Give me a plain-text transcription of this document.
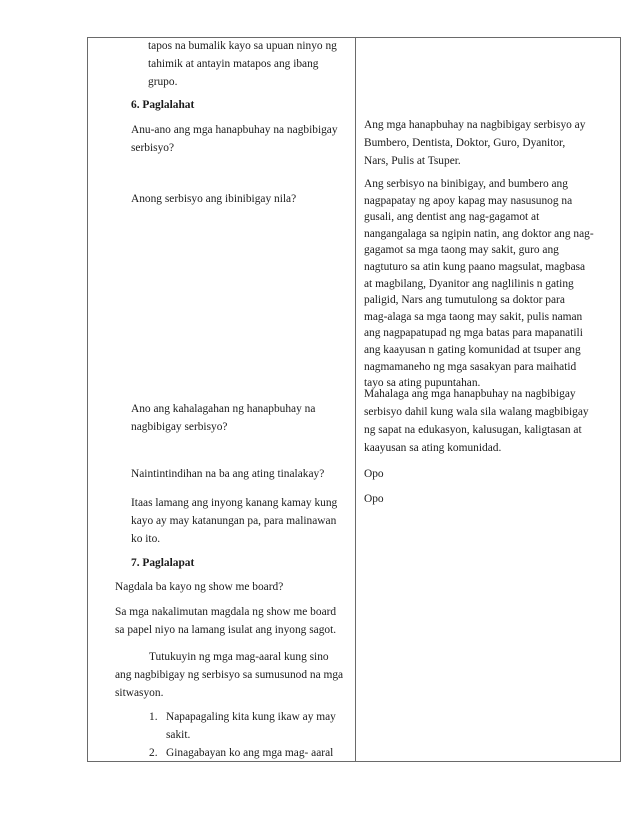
tapos na bumalik kayo sa upuan ninyo ng
tahimik at antayin matapos ang ibang
grupo.
6. Paglalahat
Anu-ano ang mga hanapbuhay na nagbibigay
serbisyo?
Anong serbisyo ang ibinibigay nila?
Ano ang kahalagahan ng hanapbuhay na
nagbibigay serbisyo?
Naintintindihan na ba ang ating tinalakay?
Itaas lamang ang inyong kanang kamay kung
kayo ay may katanungan pa, para malinawan
ko ito.
7. Paglalapat
Nagdala ba kayo ng show me board?
Sa mga nakalimutan magdala ng show me board
sa papel niyo na lamang isulat ang inyong sagot.
Tutukuyin ng mga mag-aaral kung sino
ang nagbibigay ng serbisyo sa sumusunod na mga
sitwasyon.
1. Napapagaling kita kung ikaw ay may
sakit.
2. Ginagabayan ko ang mga mag- aaral
Ang mga hanapbuhay na nagbibigay serbisyo ay
Bumbero, Dentista, Doktor, Guro, Dyanitor,
Nars, Pulis at Tsuper.
Ang serbisyo na binibigay, and bumbero ang
nagpapatay ng apoy kapag may nasusunog na
gusali, ang dentist ang nag-gagamot at
nangangalaga sa ngipin natin, ang doktor ang nag-
gagamot sa mga taong may sakit, guro ang
nagtuturo sa atin kung paano magsulat, magbasa
at magbilang, Dyanitor ang naglilinis n gating
paligid, Nars ang tumutulong sa doktor para
mag-alaga sa mga taong may sakit, pulis naman
ang nagpapatupad ng mga batas para mapanatili
ang kaayusan n gating komunidad at tsuper ang
nagmamaneho ng mga sasakyan para maihatid
tayo sa ating pupuntahan.
Mahalaga ang mga hanapbuhay na nagbibigay
serbisyo dahil kung wala sila walang magbibigay
ng sapat na edukasyon, kalusugan, kaligtasan at
kaayusan sa ating komunidad.
Opo
Opo
